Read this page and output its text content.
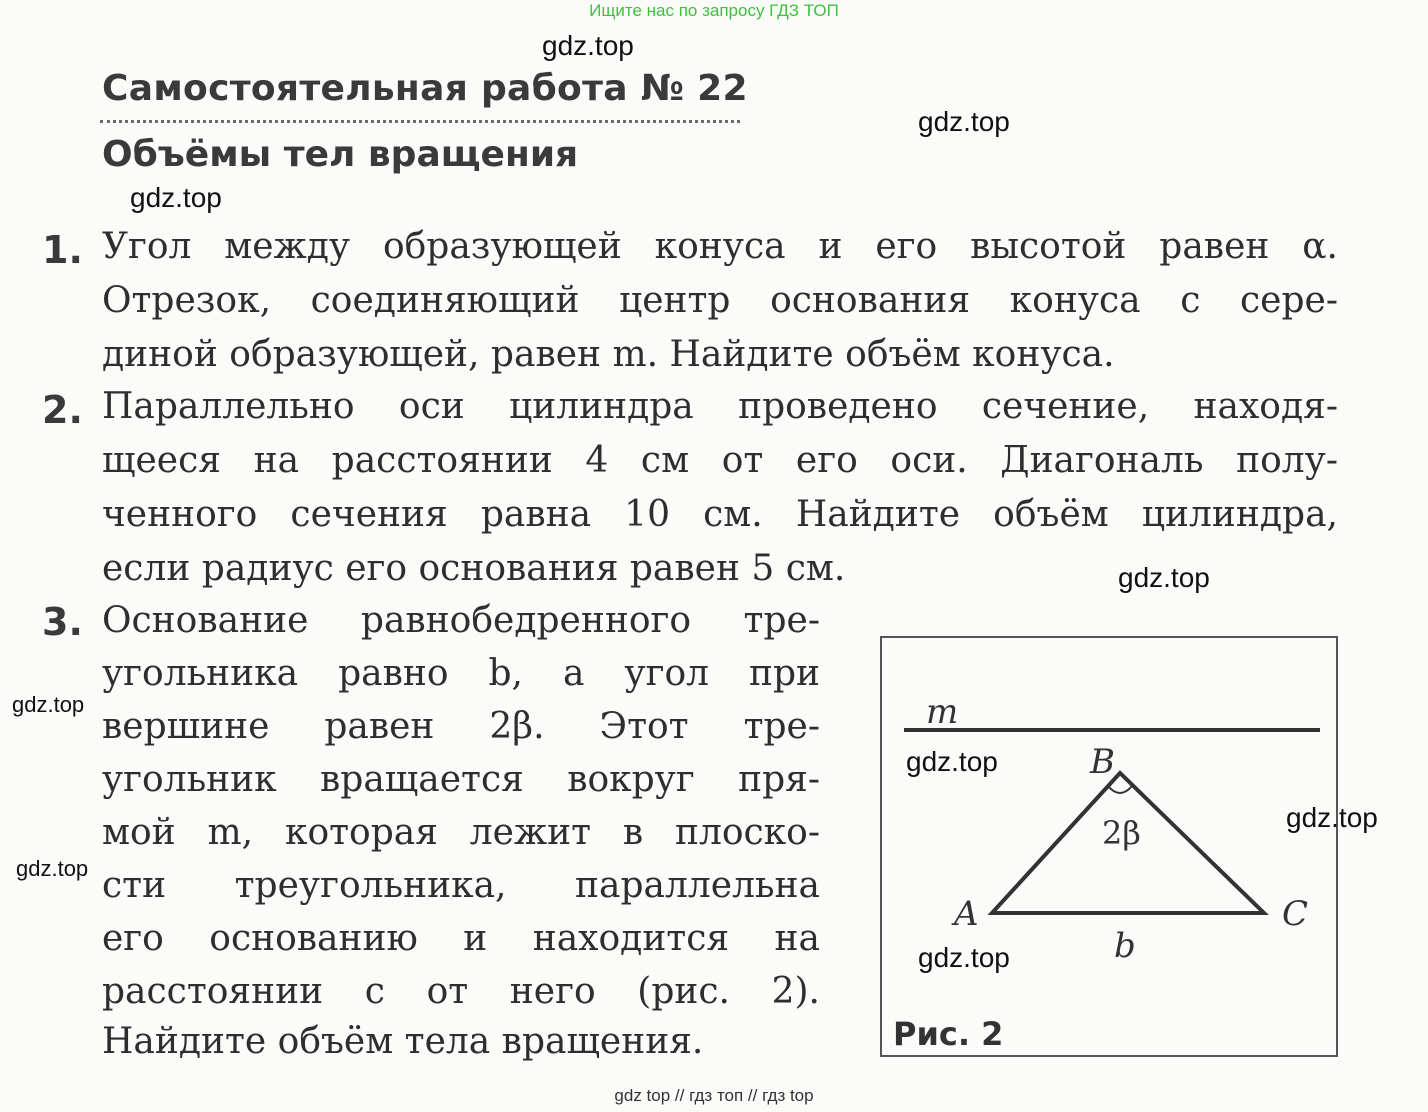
Ищите нас по запросу ГДЗ ТОП
Самостоятельная работа № 22
Объёмы тел вращения
1. Угол между образующей конуса и его высотой равен α.
Отрезок, соединяющий центр основания конуса с сере-
диной образующей, равен m. Найдите объём конуса.
2. Параллельно оси цилиндра проведено сечение, находя-
щееся на расстоянии 4 см от его оси. Диагональ полу-
ченного сечения равна 10 см. Найдите объём цилиндра,
если радиус его основания равен 5 см.
3. Основание равнобедренного тре-
угольника равно b, а угол при
вершине равен 2β. Этот тре-
угольник вращается вокруг пря-
мой m, которая лежит в плоско-
сти треугольника, параллельна
его основанию и находится на
расстоянии c от него (рис. 2).
Найдите объём тела вращения.
m
B
A	C
2β
b
Рис. 2
gdz.top
gdz.top
gdz.top
gdz.top
gdz.top
gdz.top
gdz.top
gdz.top
gdz.top
gdz top // гдз топ // гдз top
